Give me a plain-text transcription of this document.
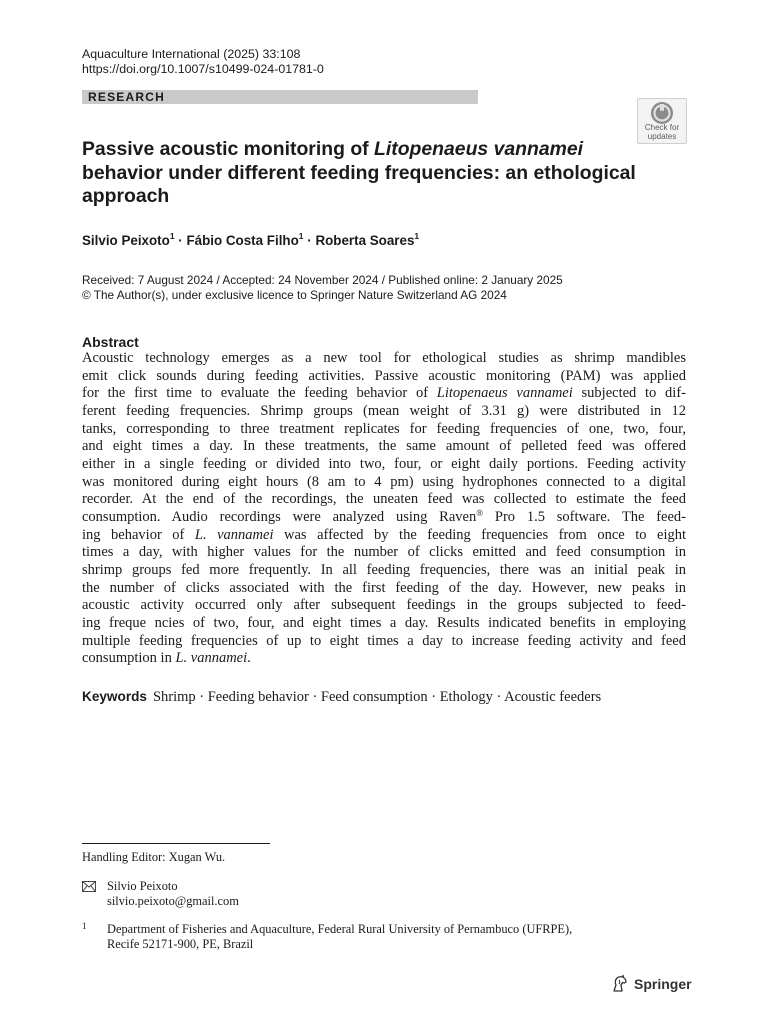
Aquaculture International (2025) 33:108
https://doi.org/10.1007/s10499-024-01781-0
RESEARCH
Check for
updates
Passive acoustic monitoring of Litopenaeus vannamei
behavior under different feeding frequencies: an ethological
approach
Silvio Peixoto$^1$ · Fábio Costa Filho$^1$ · Roberta Soares$^1$
Received: 7 August 2024 / Accepted: 24 November 2024 / Published online: 2 January 2025
© The Author(s), under exclusive licence to Springer Nature Switzerland AG 2024
Abstract
Acoustic technology emerges as a new tool for ethological studies as shrimp mandibles
emit click sounds during feeding activities. Passive acoustic monitoring (PAM) was applied
for the first time to evaluate the feeding behavior of Litopenaeus vannamei subjected to dif-
ferent feeding frequencies. Shrimp groups (mean weight of 3.31 g) were distributed in 12
tanks, corresponding to three treatment replicates for feeding frequencies of one, two, four,
and eight times a day. In these treatments, the same amount of pelleted feed was offered
either in a single feeding or divided into two, four, or eight daily portions. Feeding activity
was monitored during eight hours (8 am to 4 pm) using hydrophones connected to a digital
recorder. At the end of the recordings, the uneaten feed was collected to estimate the feed
consumption. Audio recordings were analyzed using Raven® Pro 1.5 software. The feed-
ing behavior of L. vannamei was affected by the feeding frequencies from once to eight
times a day, with higher values for the number of clicks emitted and feed consumption in
shrimp groups fed more frequently. In all feeding frequencies, there was an initial peak in
the number of clicks associated with the first feeding of the day. However, new peaks in
acoustic activity occurred only after subsequent feedings in the groups subjected to feed-
ing freque ncies of two, four, and eight times a day. Results indicated benefits in employing
multiple feeding frequencies of up to eight times a day to increase feeding activity and feed
consumption in L. vannamei.
Keywords Shrimp · Feeding behavior · Feed consumption · Ethology · Acoustic feeders
Handling Editor: Xugan Wu.
Silvio Peixoto
silvio.peixoto@gmail.com
1 Department of Fisheries and Aquaculture, Federal Rural University of Pernambuco (UFRPE),
Recife 52171-900, PE, Brazil
Springer
